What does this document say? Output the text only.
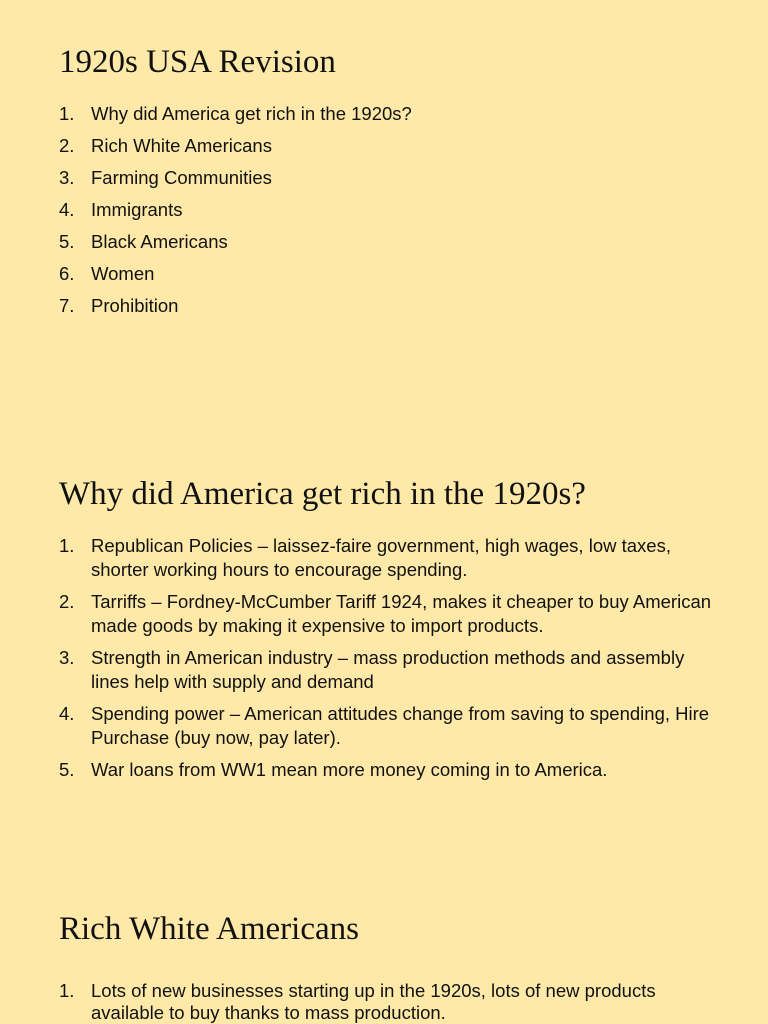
1920s USA Revision
1. Why did America get rich in the 1920s?
2. Rich White Americans
3. Farming Communities
4. Immigrants
5. Black Americans
6. Women
7. Prohibition
Why did America get rich in the 1920s?
1. Republican Policies – laissez-faire government, high wages, low taxes, shorter working hours to encourage spending.
2. Tarriffs – Fordney-McCumber Tariff 1924, makes it cheaper to buy American made goods by making it expensive to import products.
3. Strength in American industry – mass production methods and assembly lines help with supply and demand
4. Spending power – American attitudes change from saving to spending, Hire Purchase (buy now, pay later).
5. War loans from WW1 mean more money coming in to America.
Rich White Americans
1. Lots of new businesses starting up in the 1920s, lots of new products available to buy thanks to mass production.
